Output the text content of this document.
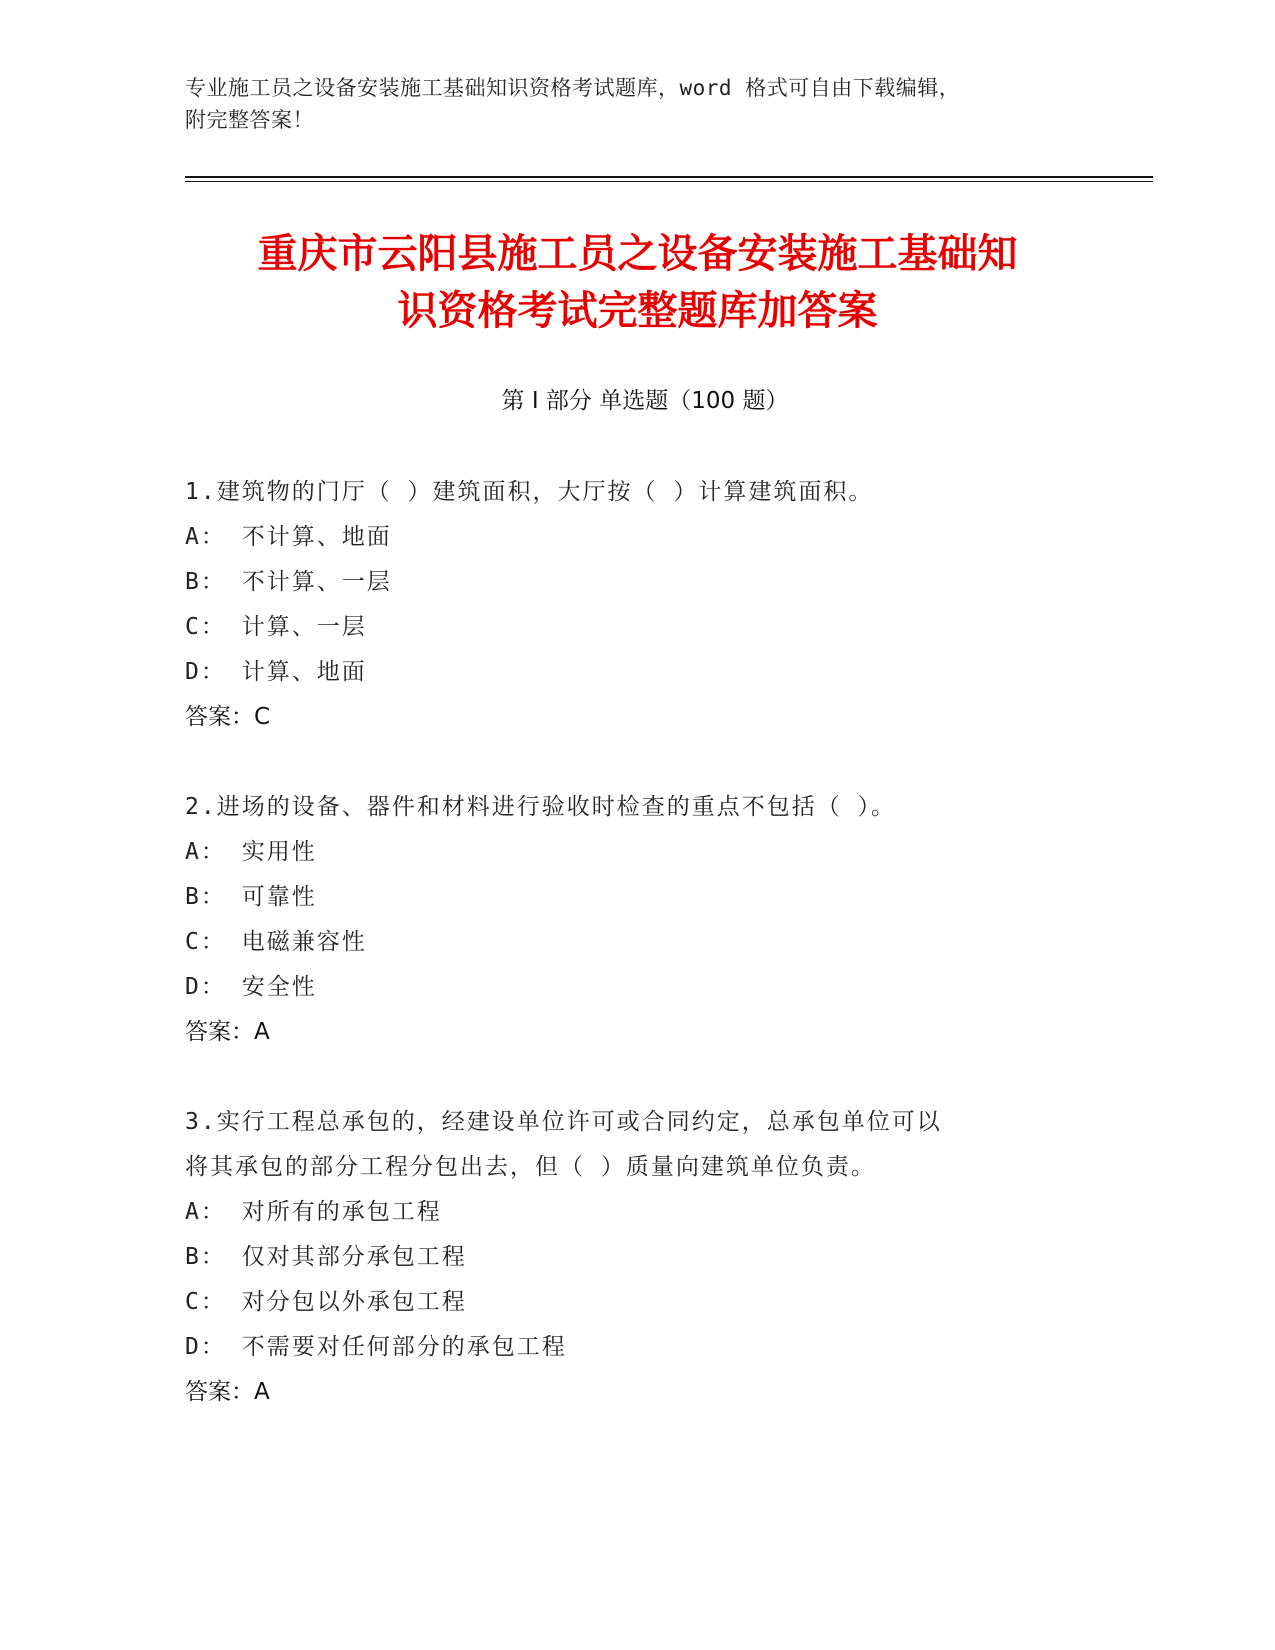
专业施工员之设备安装施工基础知识资格考试题库，word 格式可自由下载编辑，
附完整答案！
重庆市云阳县施工员之设备安装施工基础知
识资格考试完整题库加答案
第 I 部分 单选题（100 题）
1.建筑物的门厅（ ）建筑面积，大厅按（ ）计算建筑面积。
A： 不计算、地面
B： 不计算、一层
C： 计算、一层
D： 计算、地面
答案：C
2.进场的设备、器件和材料进行验收时检查的重点不包括（ ）。
A： 实用性
B： 可靠性
C： 电磁兼容性
D： 安全性
答案：A
3.实行工程总承包的，经建设单位许可或合同约定，总承包单位可以
将其承包的部分工程分包出去，但（ ）质量向建筑单位负责。
A： 对所有的承包工程
B： 仅对其部分承包工程
C： 对分包以外承包工程
D： 不需要对任何部分的承包工程
答案：A
